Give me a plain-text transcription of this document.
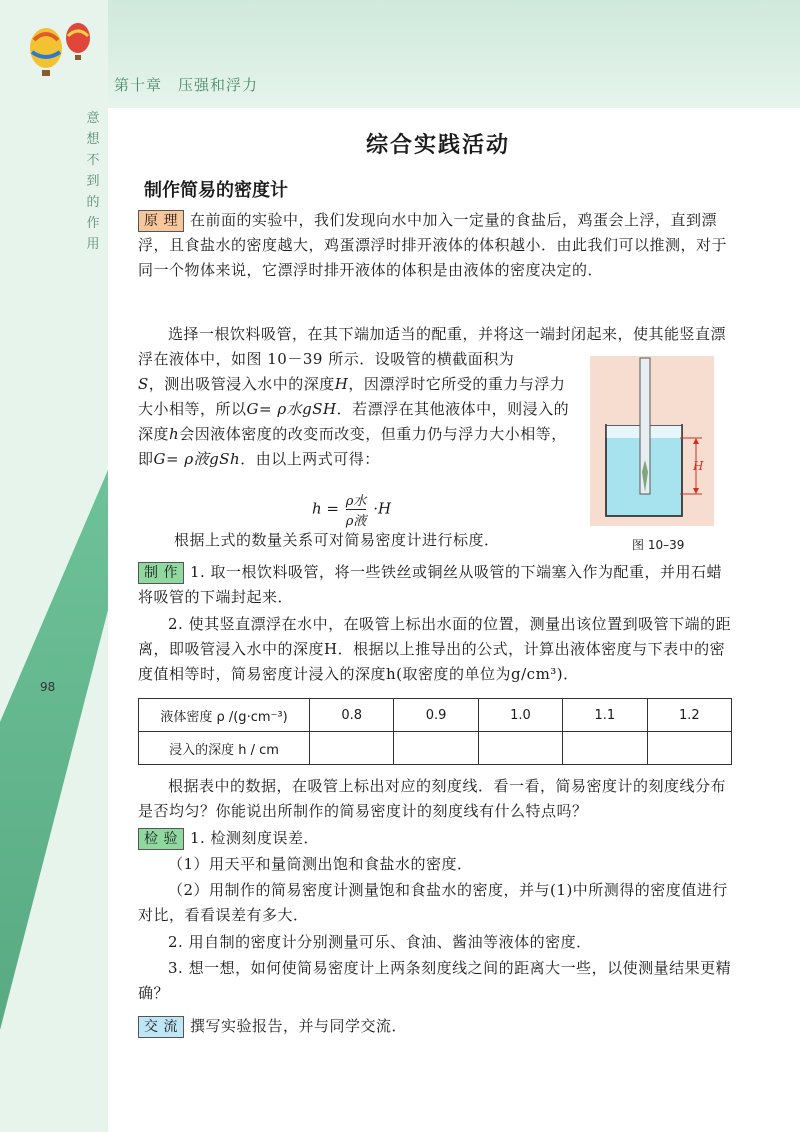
第十章　压强和浮力
意想不到的作用
98
综合实践活动
制作简易的密度计
原 理 在前面的实验中，我们发现向水中加入一定量的食盐后，鸡蛋会上浮，直到漂浮，且食盐水的密度越大，鸡蛋漂浮时排开液体的体积越小．由此我们可以推测，对于同一个物体来说，它漂浮时排开液体的体积是由液体的密度决定的．
选择一根饮料吸管，在其下端加适当的配重，并将这一端封闭起来，使其能竖直漂浮在液体中，如图 10－39 所示．设吸管的横截面积为
S，测出吸管浸入水中的深度H，因漂浮时它所受的重力与浮力大小相等，所以G= ρ水gSH．若漂浮在其他液体中，则浸入的深度h会因液体密度的改变而改变，但重力仍与浮力大小相等，即G= ρ液gSh．由以上两式可得：
h = ρ水
ρ液
·H
根据上式的数量关系可对简易密度计进行标度．
H
图 10–39
制 作 1. 取一根饮料吸管，将一些铁丝或铜丝从吸管的下端塞入作为配重，并用石蜡将吸管的下端封起来．
2. 使其竖直漂浮在水中，在吸管上标出水面的位置，测量出该位置到吸管下端的距离，即吸管浸入水中的深度H．根据以上推导出的公式，计算出液体密度与下表中的密度值相等时，简易密度计浸入的深度h(取密度的单位为g/cm³)．
液体密度 ρ /(g·cm⁻³)	0.8	0.9	1.0	1.1	1.2
浸入的深度 h / cm					
根据表中的数据，在吸管上标出对应的刻度线．看一看，简易密度计的刻度线分布是否均匀？你能说出所制作的简易密度计的刻度线有什么特点吗？
检 验 1. 检测刻度误差．
（1）用天平和量筒测出饱和食盐水的密度．
（2）用制作的简易密度计测量饱和食盐水的密度，并与(1)中所测得的密度值进行对比，看看误差有多大．
2. 用自制的密度计分别测量可乐、食油、酱油等液体的密度．
3. 想一想，如何使简易密度计上两条刻度线之间的距离大一些，以使测量结果更精确？
交 流 撰写实验报告，并与同学交流．
